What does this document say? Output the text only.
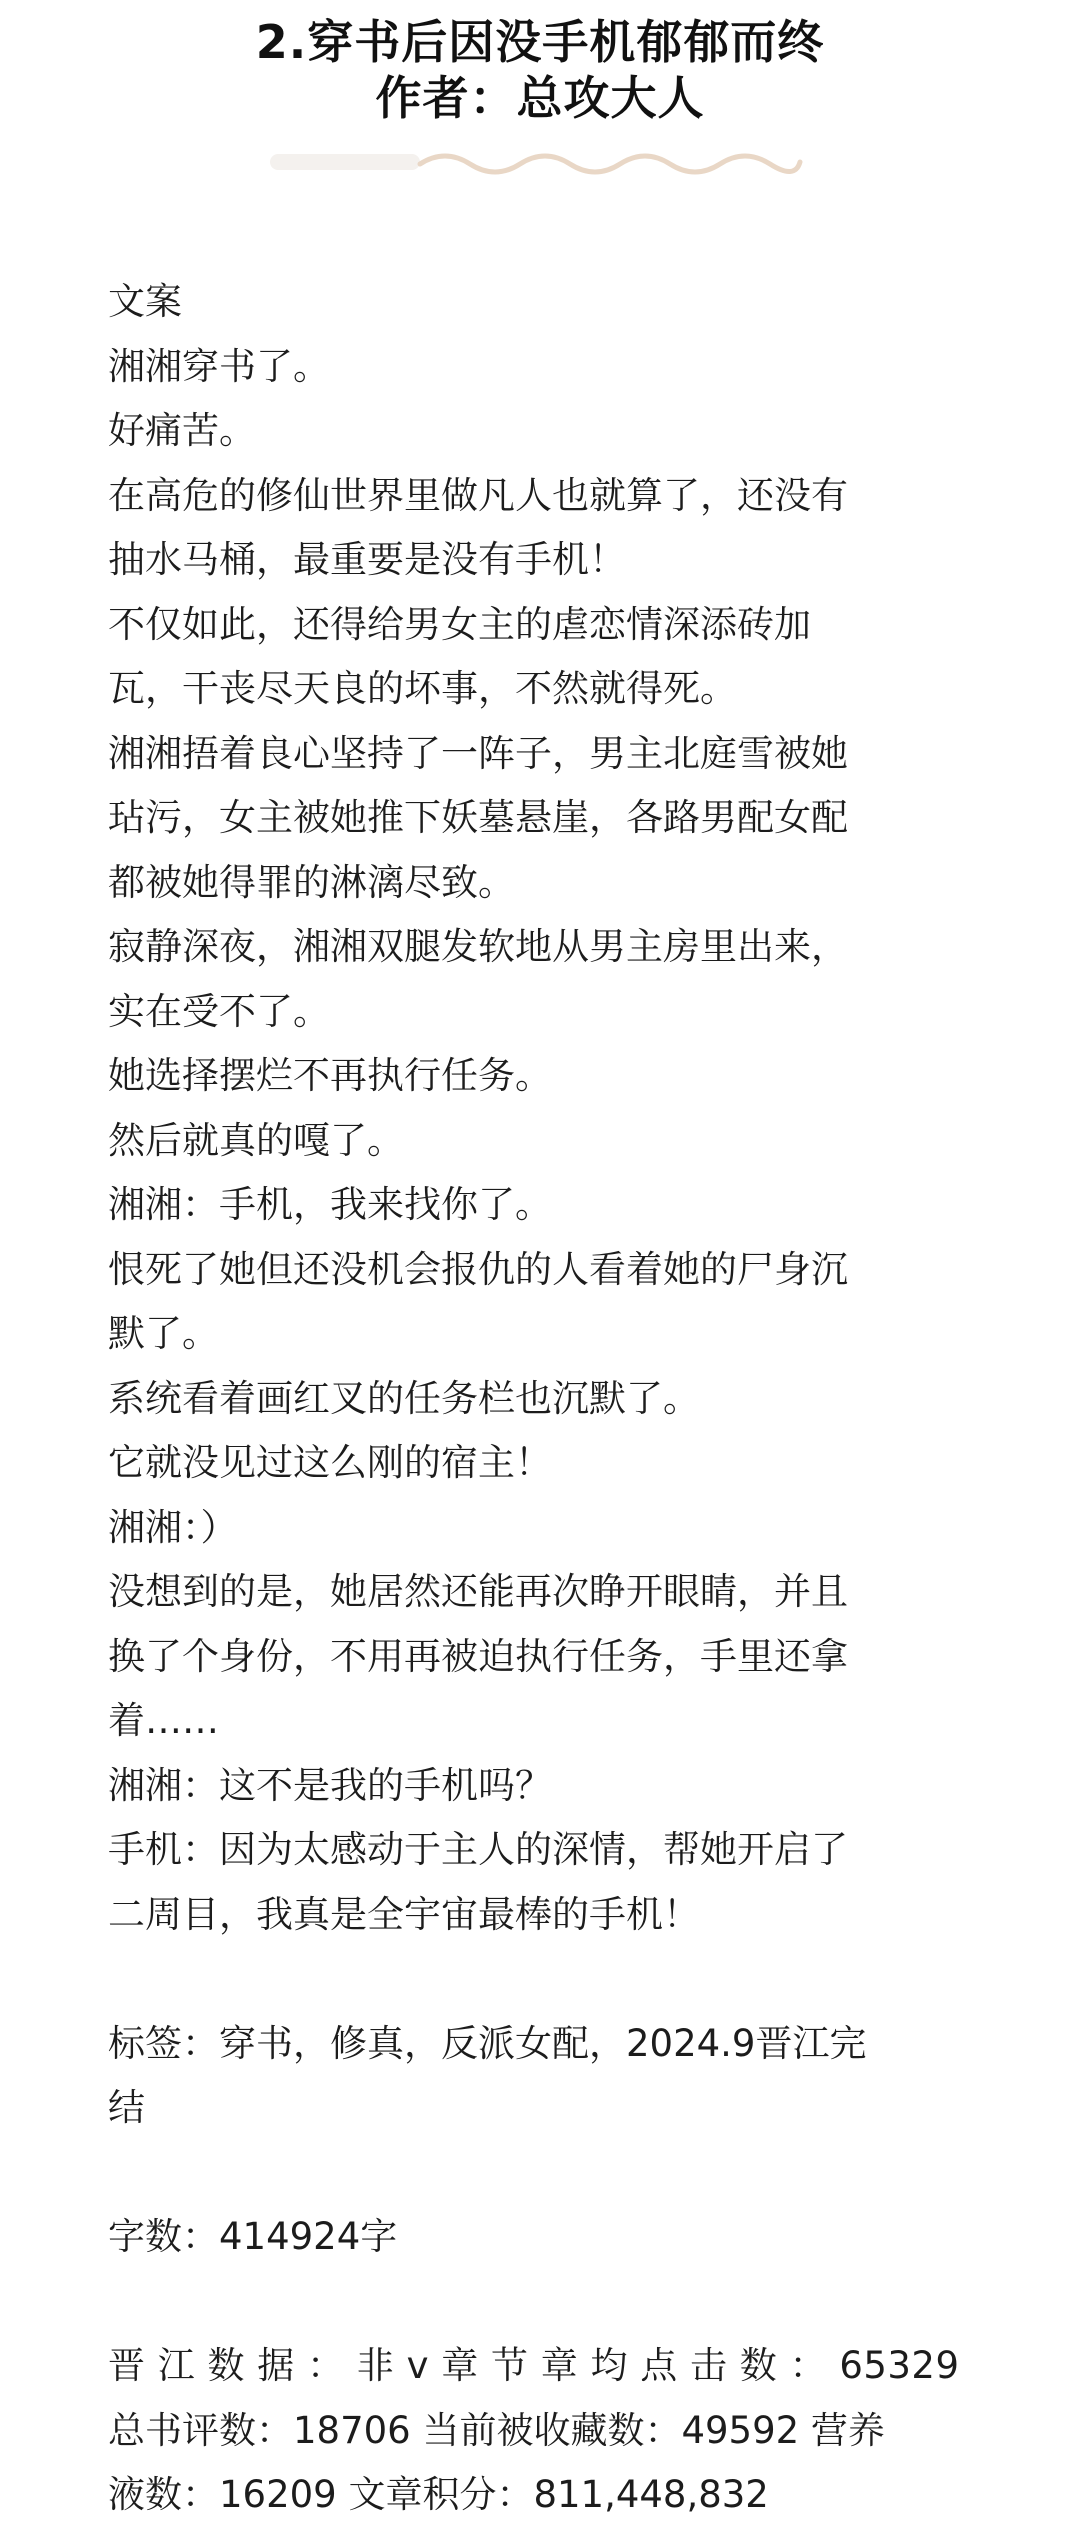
2.穿书后因没手机郁郁而终
作者：总攻大人
文案
湘湘穿书了。
好痛苦。
在高危的修仙世界里做凡人也就算了，还没有
抽水马桶，最重要是没有手机！
不仅如此，还得给男女主的虐恋情深添砖加
瓦，干丧尽天良的坏事，不然就得死。
湘湘捂着良心坚持了一阵子，男主北庭雪被她
玷污，女主被她推下妖墓悬崖，各路男配女配
都被她得罪的淋漓尽致。
寂静深夜，湘湘双腿发软地从男主房里出来，
实在受不了。
她选择摆烂不再执行任务。
然后就真的嘎了。
湘湘：手机，我来找你了。
恨死了她但还没机会报仇的人看着她的尸身沉
默了。
系统看着画红叉的任务栏也沉默了。
它就没见过这么刚的宿主！
湘湘：）
没想到的是，她居然还能再次睁开眼睛，并且
换了个身份，不用再被迫执行任务，手里还拿
着……
湘湘：这不是我的手机吗？
手机：因为太感动于主人的深情，帮她开启了
二周目，我真是全宇宙最棒的手机！
标签：穿书，修真，反派女配，2024.9晋江完
结
字数：414924字
晋 江 数 据 ： 非 v 章 节 章 均 点 击 数 ： 65329
总书评数：18706 当前被收藏数：49592 营养
液数：16209 文章积分：811,448,832
